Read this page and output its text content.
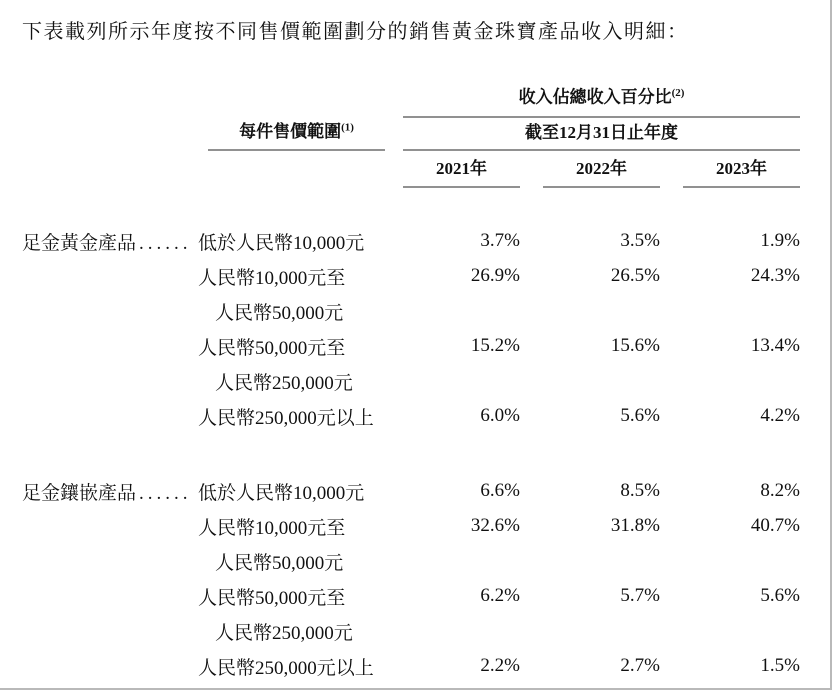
下表載列所示年度按不同售價範圍劃分的銷售黃金珠寶產品收入明細：

每件售價範圍$^{(1)}$
收入佔總收入百分比$^{(2)}$
截至12月31日止年度
2021年	2022年	2023年
足金黃金產品 ...... 低於人民幣10,000元	3.7%	3.5%	1.9%
人民幣10,000元至	26.9%	26.5%	24.3%
人民幣50,000元
人民幣50,000元至	15.2%	15.6%	13.4%
人民幣250,000元
人民幣250,000元以上	6.0%	5.6%	4.2%
足金鑲嵌產品 ...... 低於人民幣10,000元	6.6%	8.5%	8.2%
人民幣10,000元至	32.6%	31.8%	40.7%
人民幣50,000元
人民幣50,000元至	6.2%	5.7%	5.6%
人民幣250,000元
人民幣250,000元以上	2.2%	2.7%	1.5%
